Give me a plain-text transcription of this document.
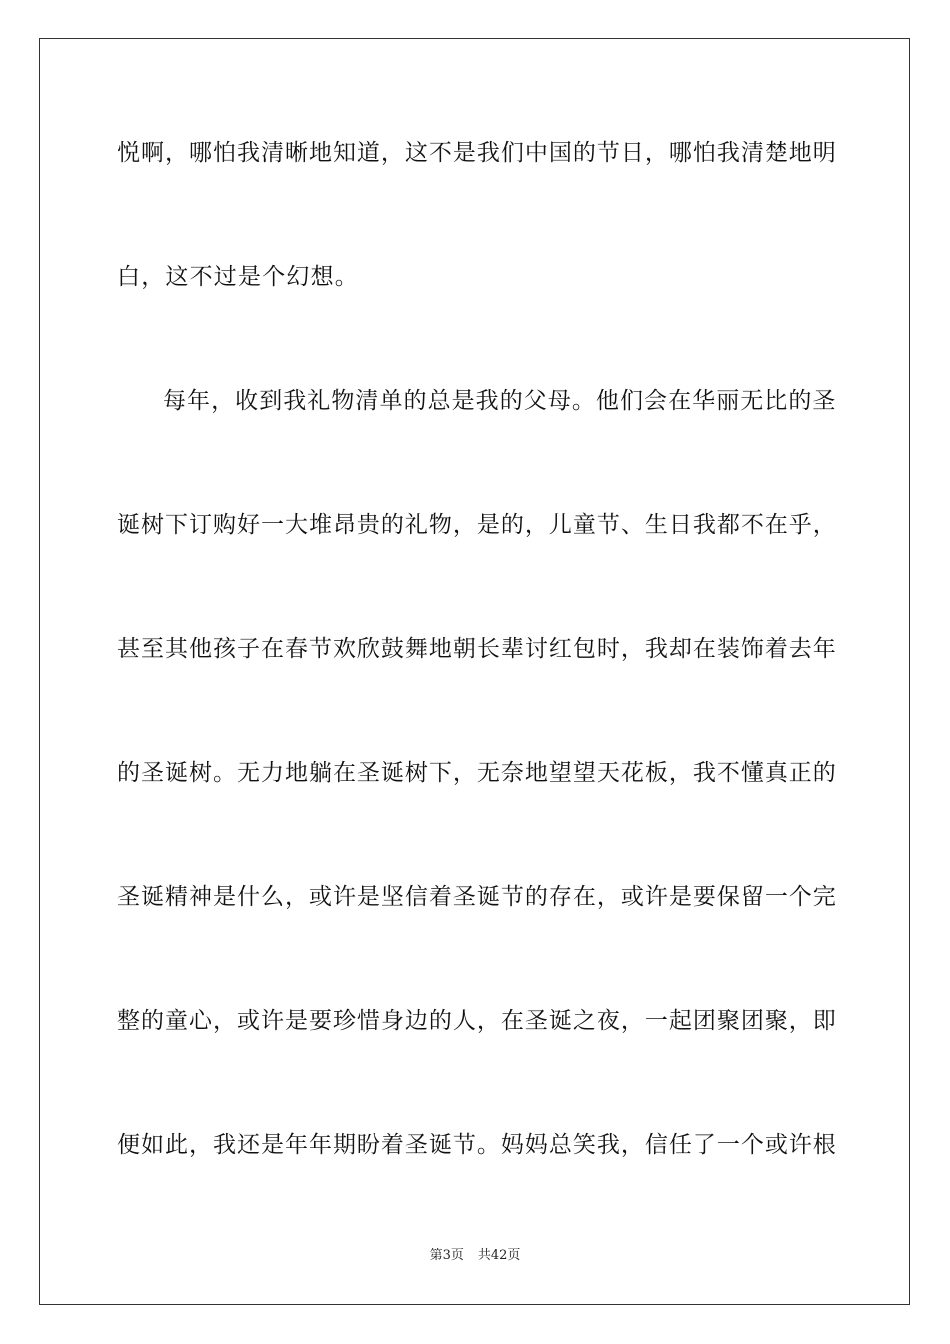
悦啊，哪怕我清晰地知道，这不是我们中国的节日，哪怕我清楚地明
白，这不过是个幻想。
每年，收到我礼物清单的总是我的父母。他们会在华丽无比的圣
诞树下订购好一大堆昂贵的礼物，是的，儿童节、生日我都不在乎，
甚至其他孩子在春节欢欣鼓舞地朝长辈讨红包时，我却在装饰着去年
的圣诞树。无力地躺在圣诞树下，无奈地望望天花板，我不懂真正的
圣诞精神是什么，或许是坚信着圣诞节的存在，或许是要保留一个完
整的童心，或许是要珍惜身边的人，在圣诞之夜，一起团聚团聚，即
便如此，我还是年年期盼着圣诞节。妈妈总笑我，信任了一个或许根
第3页 共42页
